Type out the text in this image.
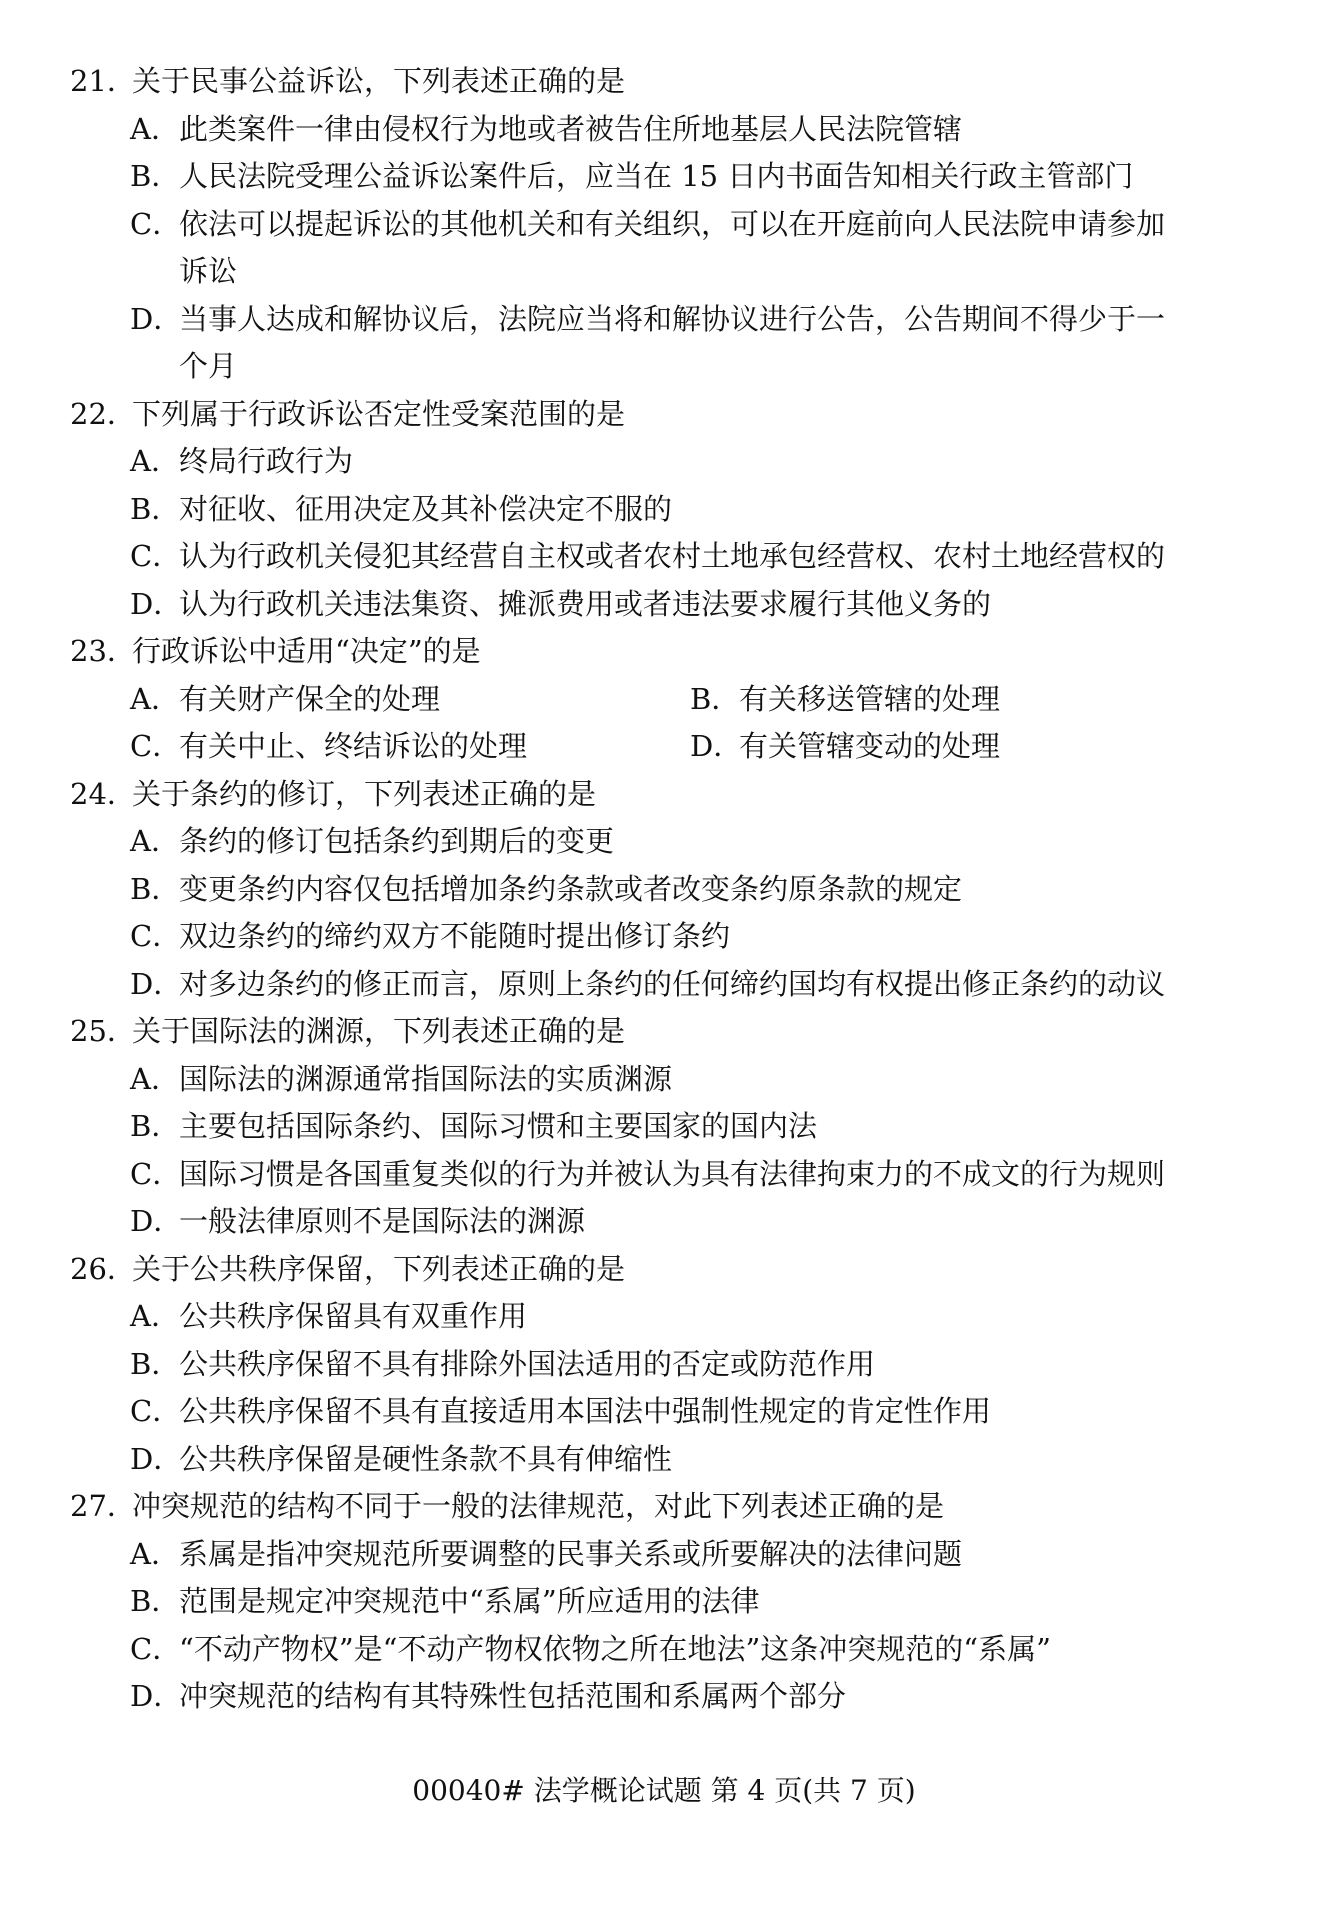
21．
关于民事公益诉讼，下列表述正确的是
A． 此类案件一律由侵权行为地或者被告住所地基层人民法院管辖
B．
人民法院受理公益诉讼案件后，应当在 15 日内书面告知相关行政主管部门
C．
依法可以提起诉讼的其他机关和有关组织，可以在开庭前向人民法院申请参加诉讼
D．
当事人达成和解协议后，法院应当将和解协议进行公告，公告期间不得少于一个月
22．
下列属于行政诉讼否定性受案范围的是
A． 终局行政行为
B．
对征收、征用决定及其补偿决定不服的
C．
认为行政机关侵犯其经营自主权或者农村土地承包经营权、农村土地经营权的
D．
认为行政机关违法集资、摊派费用或者违法要求履行其他义务的
23．
行政诉讼中适用“决定”的是
A． 有关财产保全的处理	B．
有关移送管辖的处理
C．
有关中止、终结诉讼的处理	D．
有关管辖变动的处理
24．
关于条约的修订，下列表述正确的是
A． 条约的修订包括条约到期后的变更
B．
变更条约内容仅包括增加条约条款或者改变条约原条款的规定
C．
双边条约的缔约双方不能随时提出修订条约
D．
对多边条约的修正而言，原则上条约的任何缔约国均有权提出修正条约的动议
25．
关于国际法的渊源，下列表述正确的是
A． 国际法的渊源通常指国际法的实质渊源
B．
主要包括国际条约、国际习惯和主要国家的国内法
C．
国际习惯是各国重复类似的行为并被认为具有法律拘束力的不成文的行为规则
D．
一般法律原则不是国际法的渊源
26．
关于公共秩序保留，下列表述正确的是
A． 公共秩序保留具有双重作用
B．
公共秩序保留不具有排除外国法适用的否定或防范作用
C．
公共秩序保留不具有直接适用本国法中强制性规定的肯定性作用
D．
公共秩序保留是硬性条款不具有伸缩性
27．
冲突规范的结构不同于一般的法律规范，对此下列表述正确的是
A． 系属是指冲突规范所要调整的民事关系或所要解决的法律问题
B．
范围是规定冲突规范中“系属”所应适用的法律
C．
“不动产物权”是“不动产物权依物之所在地法”这条冲突规范的“系属”
D．
冲突规范的结构有其特殊性包括范围和系属两个部分
00040# 法学概论试题 第 4 页(共 7 页)
